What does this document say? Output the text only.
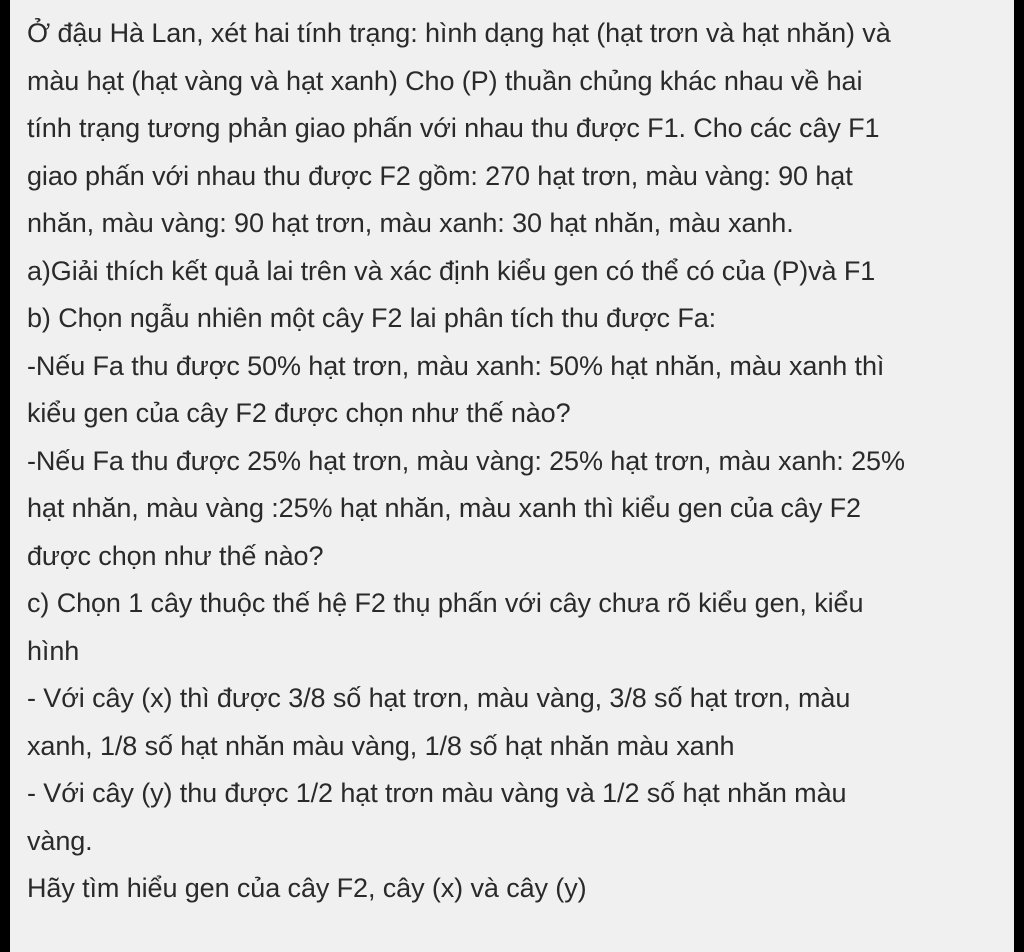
Ở đậu Hà Lan, xét hai tính trạng: hình dạng hạt (hạt trơn và hạt nhăn) và
màu hạt (hạt vàng và hạt xanh) Cho (P) thuần chủng khác nhau về hai
tính trạng tương phản giao phấn với nhau thu được F1. Cho các cây F1
giao phấn với nhau thu được F2 gồm: 270 hạt trơn, màu vàng: 90 hạt
nhăn, màu vàng: 90 hạt trơn, màu xanh: 30 hạt nhăn, màu xanh.
a)Giải thích kết quả lai trên và xác định kiểu gen có thể có của (P)và F1
b) Chọn ngẫu nhiên một cây F2 lai phân tích thu được Fa:
-Nếu Fa thu được 50% hạt trơn, màu xanh: 50% hạt nhăn, màu xanh thì
kiểu gen của cây F2 được chọn như thế nào?
-Nếu Fa thu được 25% hạt trơn, màu vàng: 25% hạt trơn, màu xanh: 25%
hạt nhăn, màu vàng :25% hạt nhăn, màu xanh thì kiểu gen của cây F2
được chọn như thế nào?
c) Chọn 1 cây thuộc thế hệ F2 thụ phấn với cây chưa rõ kiểu gen, kiểu
hình
- Với cây (x) thì được 3/8 số hạt trơn, màu vàng, 3/8 số hạt trơn, màu
xanh, 1/8 số hạt nhăn màu vàng, 1/8 số hạt nhăn màu xanh
- Với cây (y) thu được 1/2 hạt trơn màu vàng và 1/2 số hạt nhăn màu
vàng.
Hãy tìm hiểu gen của cây F2, cây (x) và cây (y)
